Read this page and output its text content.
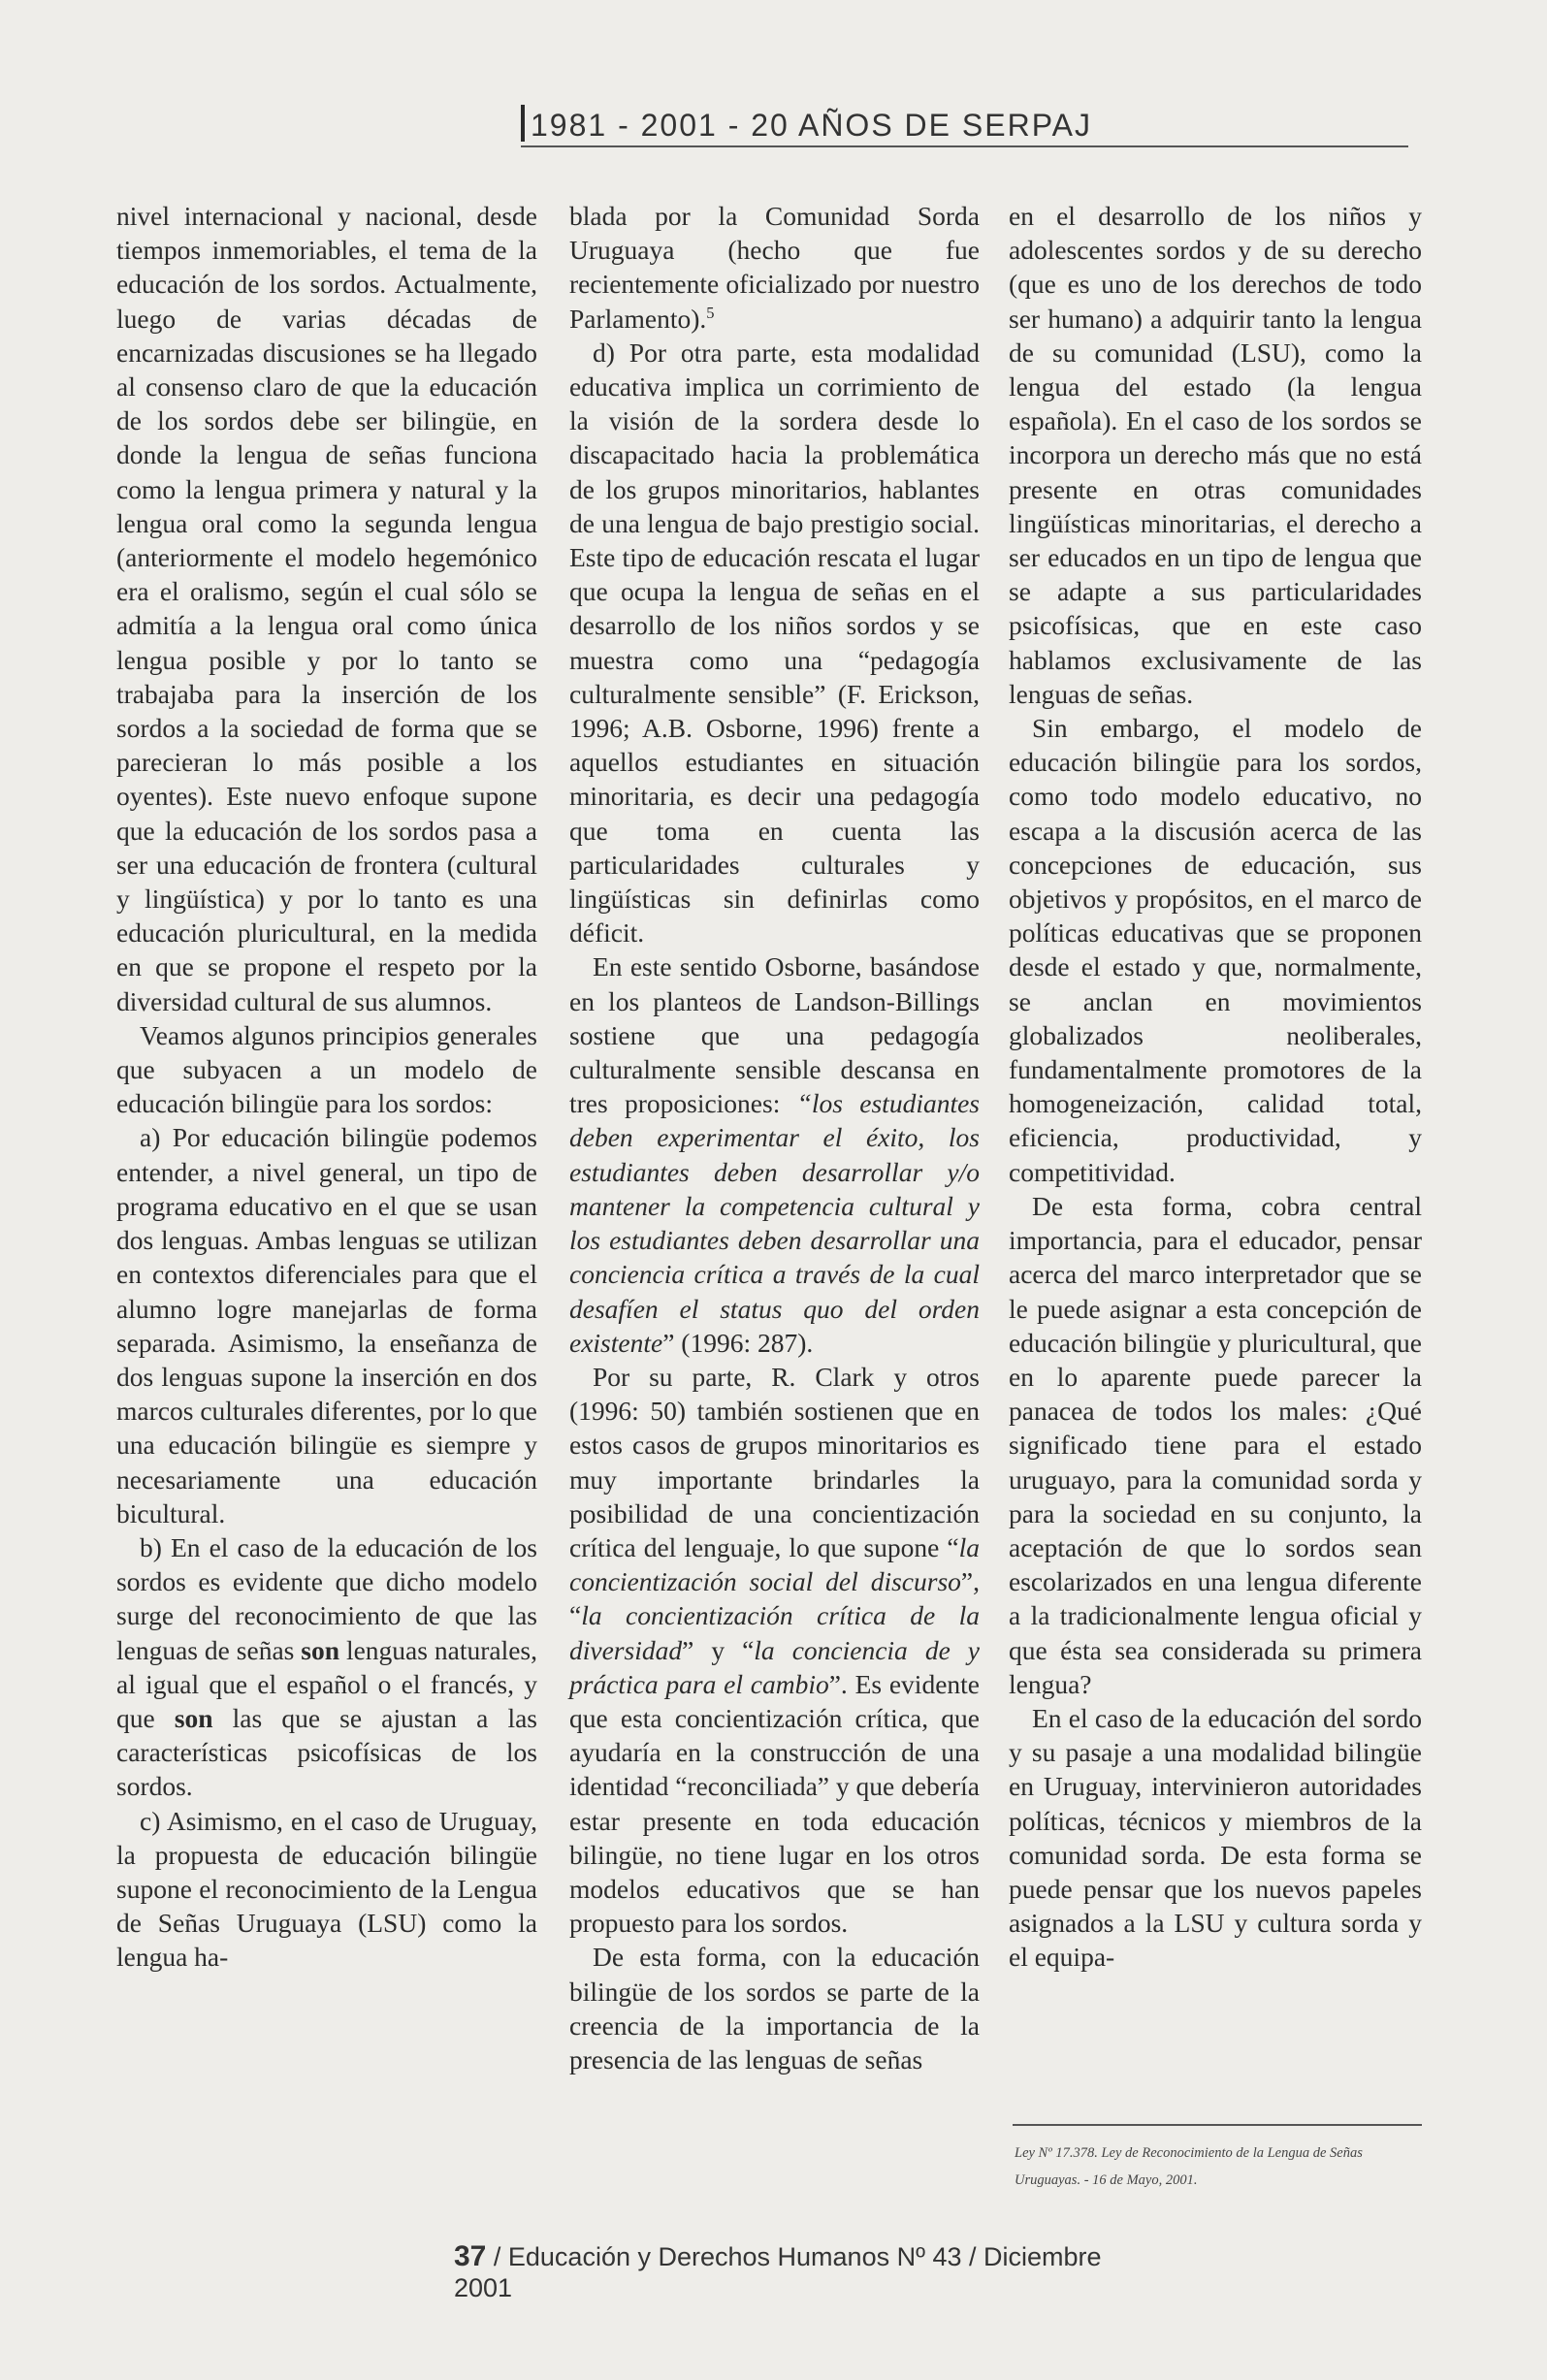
1981 - 2001 - 20 AÑOS DE SERPAJ

nivel internacional y nacional, desde tiempos inmemoriables, el tema de la educación de los sordos. Actualmente, luego de varias décadas de encarnizadas discusiones se ha llegado al consenso claro de que la educación de los sordos debe ser bilingüe, en donde la lengua de señas funciona como la lengua primera y natural y la lengua oral como la segunda lengua (anteriormente el modelo hegemónico era el oralismo, según el cual sólo se admitía a la lengua oral como única lengua posible y por lo tanto se trabajaba para la inserción de los sordos a la sociedad de forma que se parecieran lo más posible a los oyentes). Este nuevo enfoque supone que la educación de los sordos pasa a ser una educación de frontera (cultural y lingüística) y por lo tanto es una educación pluricultural, en la medida en que se propone el respeto por la diversidad cultural de sus alumnos.

Veamos algunos principios generales que subyacen a un modelo de educación bilingüe para los sordos:

a) Por educación bilingüe podemos entender, a nivel general, un tipo de programa educativo en el que se usan dos lenguas. Ambas lenguas se utilizan en contextos diferenciales para que el alumno logre manejarlas de forma separada. Asimismo, la enseñanza de dos lenguas supone la inserción en dos marcos culturales diferentes, por lo que una educación bilingüe es siempre y necesariamente una educación bicultural.

b) En el caso de la educación de los sordos es evidente que dicho modelo surge del reconocimiento de que las lenguas de señas son lenguas naturales, al igual que el español o el francés, y que son las que se ajustan a las características psicofísicas de los sordos.

c) Asimismo, en el caso de Uruguay, la propuesta de educación bilingüe supone el reconocimiento de la Lengua de Señas Uruguaya (LSU) como la lengua ha-

blada por la Comunidad Sorda Uruguaya (hecho que fue recientemente oficializado por nuestro Parlamento).$^5$

d) Por otra parte, esta modalidad educativa implica un corrimiento de la visión de la sordera desde lo discapacitado hacia la problemática de los grupos minoritarios, hablantes de una lengua de bajo prestigio social. Este tipo de educación rescata el lugar que ocupa la lengua de señas en el desarrollo de los niños sordos y se muestra como una “pedagogía culturalmente sensible” (F. Erickson, 1996; A.B. Osborne, 1996) frente a aquellos estudiantes en situación minoritaria, es decir una pedagogía que toma en cuenta las particularidades culturales y lingüísticas sin definirlas como déficit.

En este sentido Osborne, basándose en los planteos de Landson-Billings sostiene que una pedagogía culturalmente sensible descansa en tres proposiciones: “los estudiantes deben experimentar el éxito, los estudiantes deben desarrollar y/o mantener la competencia cultural y los estudiantes deben desarrollar una conciencia crítica a través de la cual desafíen el status quo del orden existente” (1996: 287).

Por su parte, R. Clark y otros (1996: 50) también sostienen que en estos casos de grupos minoritarios es muy importante brindarles la posibilidad de una concientización crítica del lenguaje, lo que supone “la concientización social del discurso”, “la concientización crítica de la diversidad” y “la conciencia de y práctica para el cambio”. Es evidente que esta concientización crítica, que ayudaría en la construcción de una identidad “reconciliada” y que debería estar presente en toda educación bilingüe, no tiene lugar en los otros modelos educativos que se han propuesto para los sordos.

De esta forma, con la educación bilingüe de los sordos se parte de la creencia de la importancia de la presencia de las lenguas de señas

en el desarrollo de los niños y adolescentes sordos y de su derecho (que es uno de los derechos de todo ser humano) a adquirir tanto la lengua de su comunidad (LSU), como la lengua del estado (la lengua española). En el caso de los sordos se incorpora un derecho más que no está presente en otras comunidades lingüísticas minoritarias, el derecho a ser educados en un tipo de lengua que se adapte a sus particularidades psicofísicas, que en este caso hablamos exclusivamente de las lenguas de señas.

Sin embargo, el modelo de educación bilingüe para los sordos, como todo modelo educativo, no escapa a la discusión acerca de las concepciones de educación, sus objetivos y propósitos, en el marco de políticas educativas que se proponen desde el estado y que, normalmente, se anclan en movimientos globalizados neoliberales, fundamentalmente promotores de la homogeneización, calidad total, eficiencia, productividad, y competitividad.

De esta forma, cobra central importancia, para el educador, pensar acerca del marco interpretador que se le puede asignar a esta concepción de educación bilingüe y pluricultural, que en lo aparente puede parecer la panacea de todos los males: ¿Qué significado tiene para el estado uruguayo, para la comunidad sorda y para la sociedad en su conjunto, la aceptación de que lo sordos sean escolarizados en una lengua diferente a la tradicionalmente lengua oficial y que ésta sea considerada su primera lengua?

En el caso de la educación del sordo y su pasaje a una modalidad bilingüe en Uruguay, intervinieron autoridades políticas, técnicos y miembros de la comunidad sorda. De esta forma se puede pensar que los nuevos papeles asignados a la LSU y cultura sorda y el equipa-

Ley Nº 17.378. Ley de Reconocimiento de la Lengua de Señas Uruguayas. - 16 de Mayo, 2001.
37 / Educación y Derechos Humanos Nº 43 / Diciembre 2001
